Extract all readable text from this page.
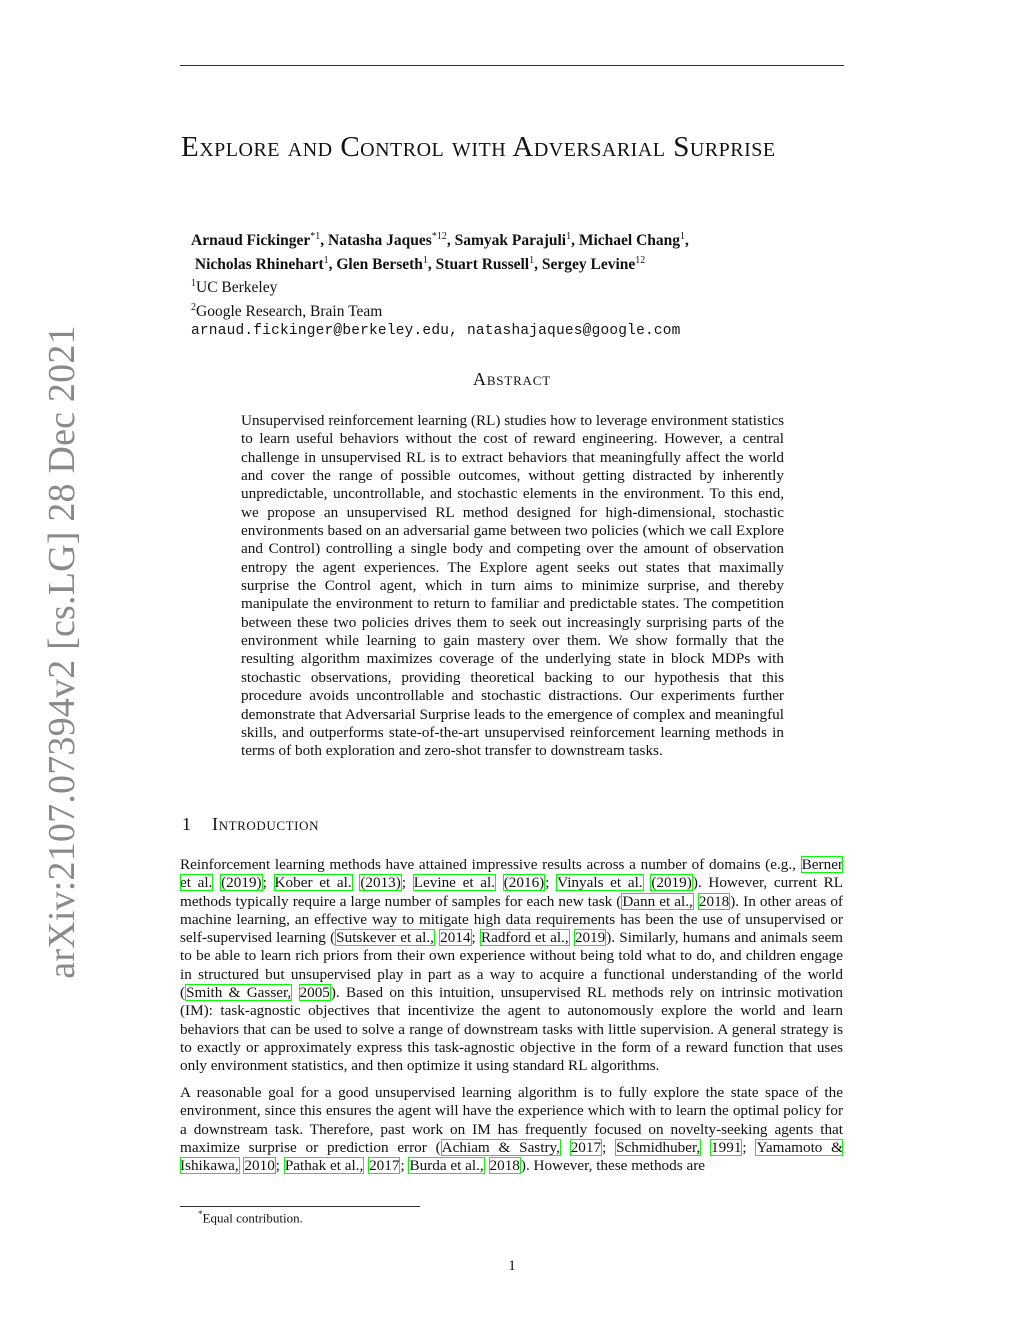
arXiv:2107.07394v2 [cs.LG] 28 Dec 2021
Explore and Control with Adversarial Surprise
Arnaud Fickinger$^{*1}$, Natasha Jaques$^{*12}$, Samyak Parajuli$^1$, Michael Chang$^1$,
Nicholas Rhinehart$^1$, Glen Berseth$^1$, Stuart Russell$^1$, Sergey Levine$^{12}$
$^1$UC Berkeley
$^2$Google Research, Brain Team
arnaud.fickinger@berkeley.edu, natashajaques@google.com
Abstract
Unsupervised reinforcement learning (RL) studies how to leverage environment statistics to learn useful behaviors without the cost of reward engineering. However, a central challenge in unsupervised RL is to extract behaviors that meaningfully affect the world and cover the range of possible outcomes, without getting distracted by inherently unpredictable, uncontrollable, and stochastic elements in the environment. To this end, we propose an unsupervised RL method designed for high-dimensional, stochastic environments based on an adversarial game between two policies (which we call Explore and Control) controlling a single body and competing over the amount of observation entropy the agent experiences. The Explore agent seeks out states that maximally surprise the Control agent, which in turn aims to minimize surprise, and thereby manipulate the environment to return to familiar and predictable states. The competition between these two policies drives them to seek out increasingly surprising parts of the environment while learning to gain mastery over them. We show formally that the resulting algorithm maximizes coverage of the underlying state in block MDPs with stochastic observations, providing theoretical backing to our hypothesis that this procedure avoids uncontrollable and stochastic distractions. Our experiments further demonstrate that Adversarial Surprise leads to the emergence of complex and meaningful skills, and outperforms state-of-the-art unsupervised reinforcement learning methods in terms of both exploration and zero-shot transfer to downstream tasks.
1 Introduction

Reinforcement learning methods have attained impressive results across a number of domains (e.g., Berner et al. (2019); Kober et al. (2013); Levine et al. (2016); Vinyals et al. (2019)). However, current RL methods typically require a large number of samples for each new task (Dann et al., 2018). In other areas of machine learning, an effective way to mitigate high data requirements has been the use of unsupervised or self-supervised learning (Sutskever et al., 2014; Radford et al., 2019). Similarly, humans and animals seem to be able to learn rich priors from their own experience without being told what to do, and children engage in structured but unsupervised play in part as a way to acquire a functional understanding of the world (Smith & Gasser, 2005). Based on this intuition, unsupervised RL methods rely on intrinsic motivation (IM): task-agnostic objectives that incentivize the agent to autonomously explore the world and learn behaviors that can be used to solve a range of downstream tasks with little supervision. A general strategy is to exactly or approximately express this task-agnostic objective in the form of a reward function that uses only environment statistics, and then optimize it using standard RL algorithms.

A reasonable goal for a good unsupervised learning algorithm is to fully explore the state space of the environment, since this ensures the agent will have the experience which with to learn the optimal policy for a downstream task. Therefore, past work on IM has frequently focused on novelty-seeking agents that maximize surprise or prediction error (Achiam & Sastry, 2017; Schmidhuber, 1991; Yamamoto & Ishikawa, 2010; Pathak et al., 2017; Burda et al., 2018). However, these methods are

*Equal contribution.
1
